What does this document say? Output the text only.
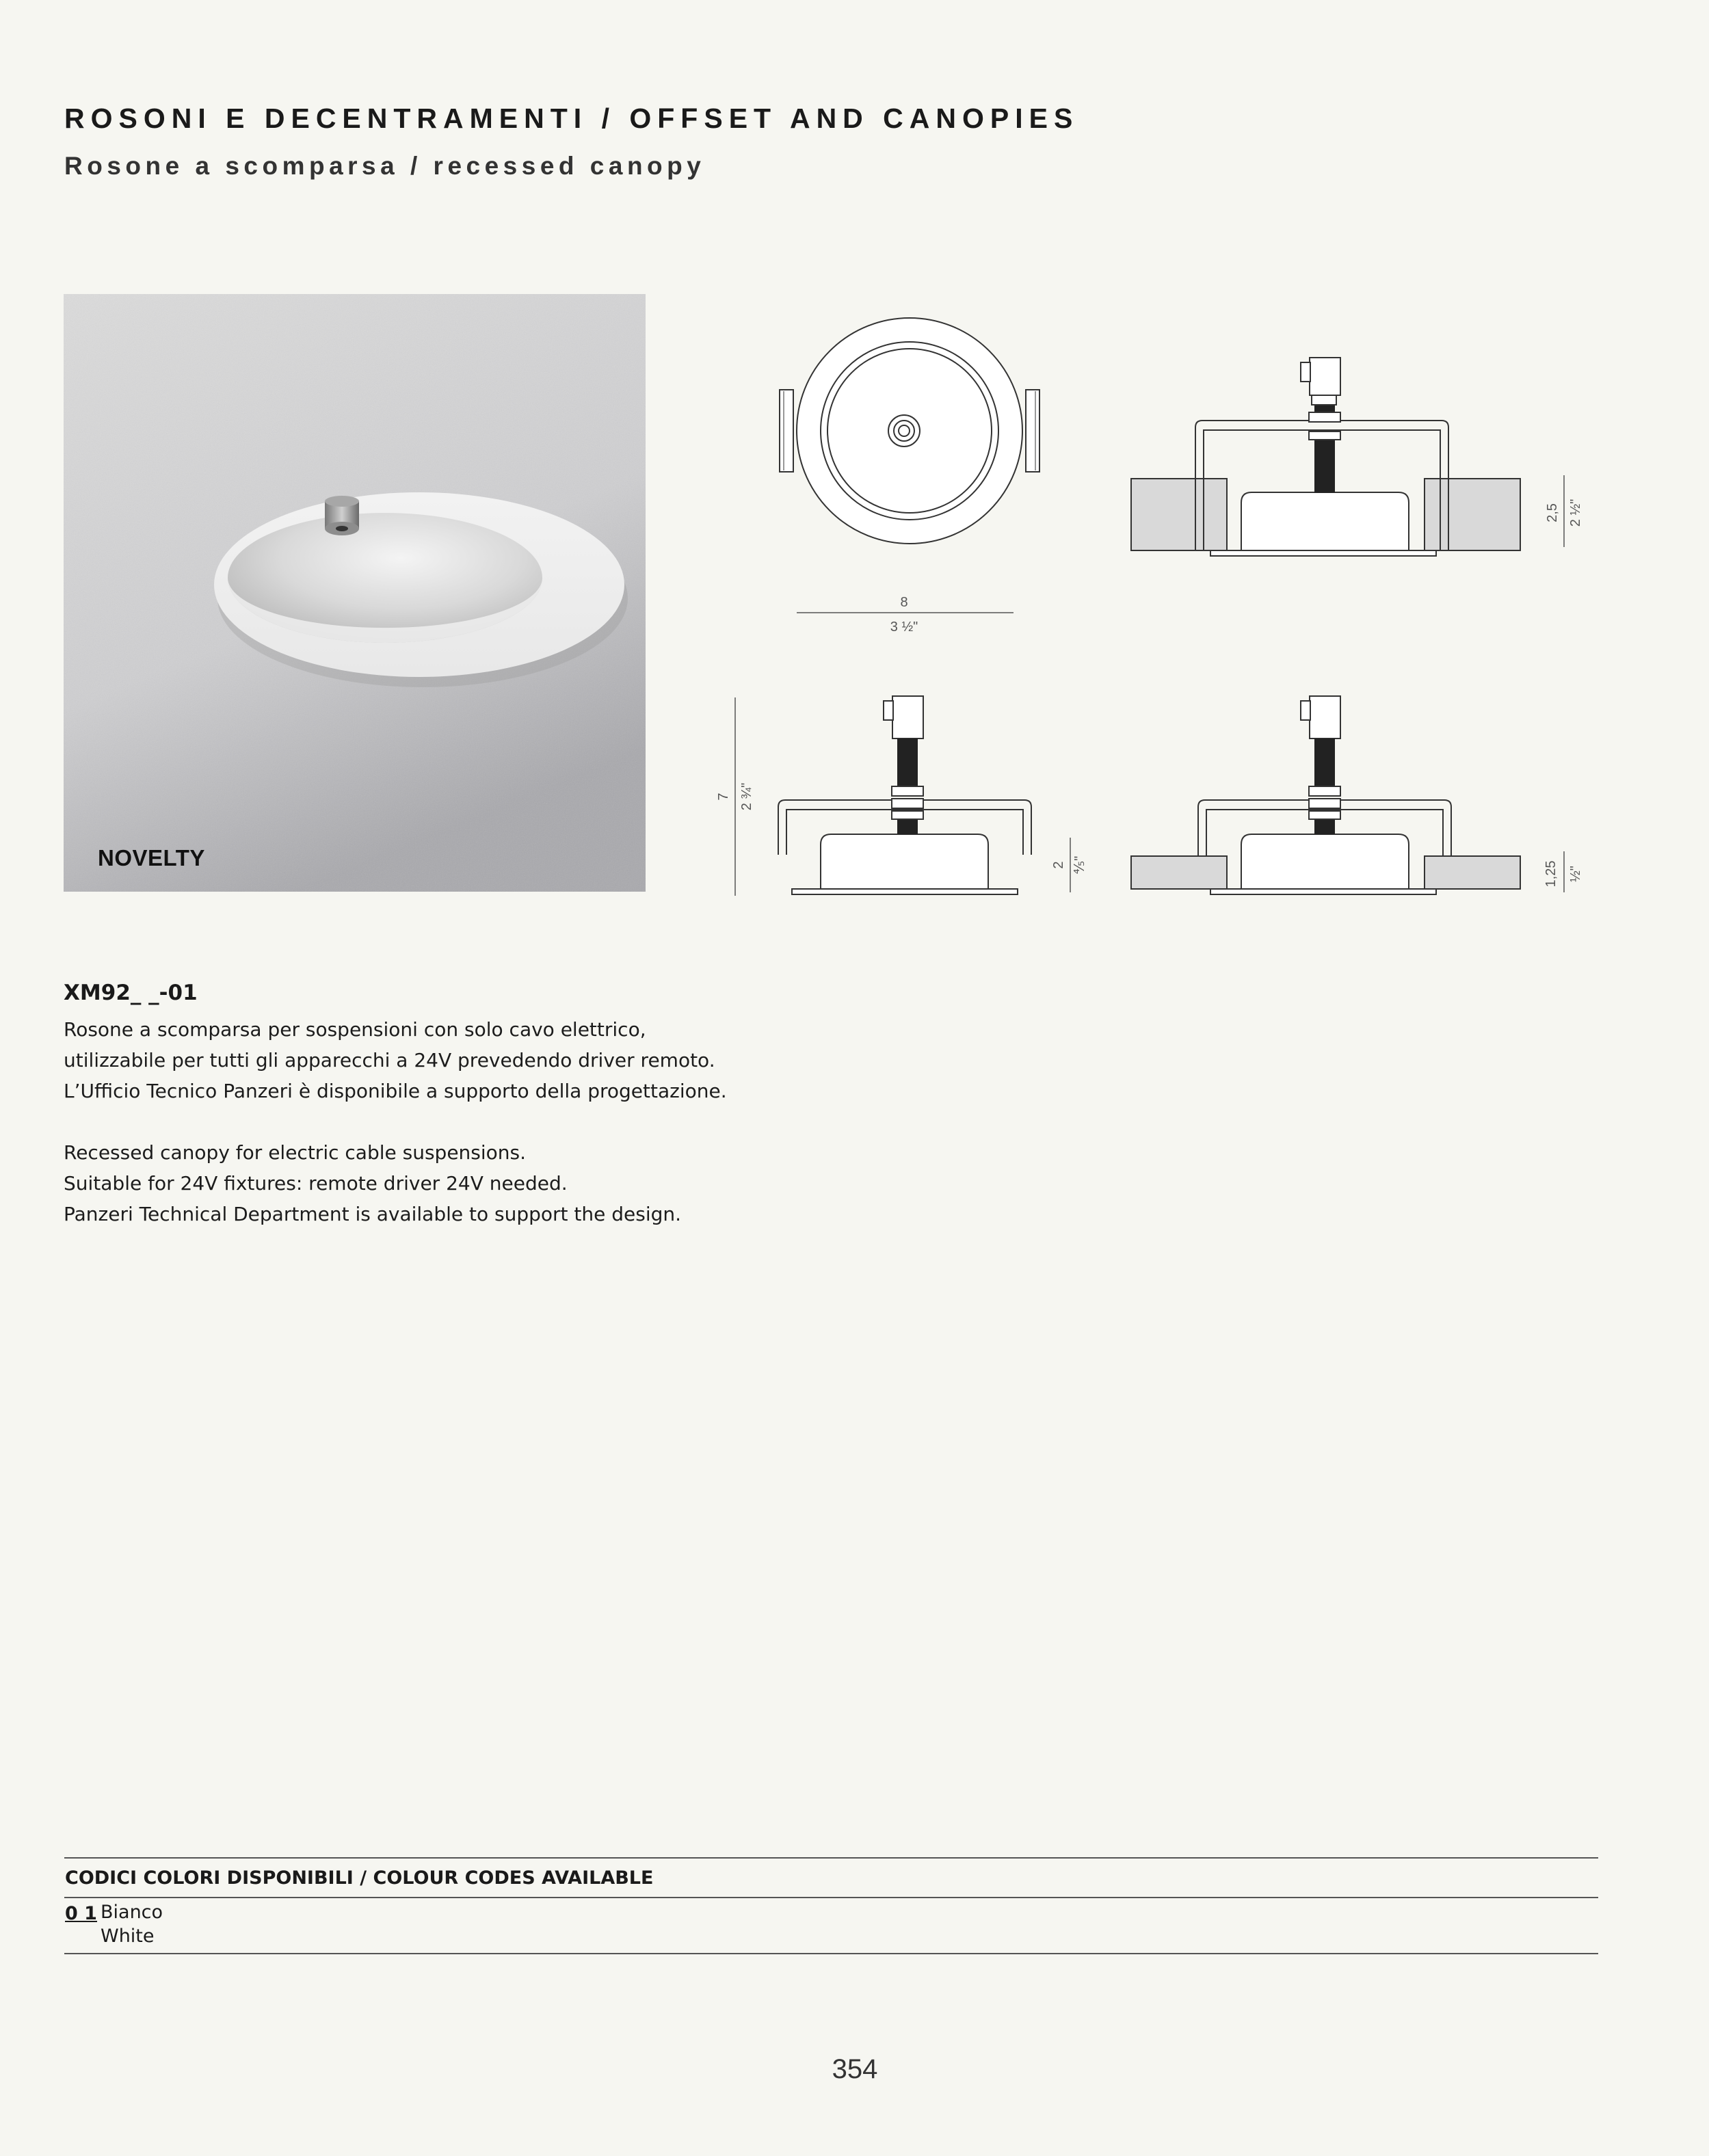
ROSONI E DECENTRAMENTI / OFFSET AND CANOPIES
Rosone a scomparsa / recessed canopy
NOVELTY
8
3 ½"
2,5 2 ½"
7 2 ¾"
2 ⅘"	1,25 ½"
XM92_ _-01
Rosone a scomparsa per sospensioni con solo cavo elettrico,
utilizzabile per tutti gli apparecchi a 24V prevedendo driver remoto.
L’Ufficio Tecnico Panzeri è disponibile a supporto della progettazione.
Recessed canopy for electric cable suspensions.
Suitable for 24V fixtures: remote driver 24V needed.
Panzeri Technical Department is available to support the design.
CODICI COLORI DISPONIBILI / COLOUR CODES AVAILABLE
0 1 Bianco
White
354
